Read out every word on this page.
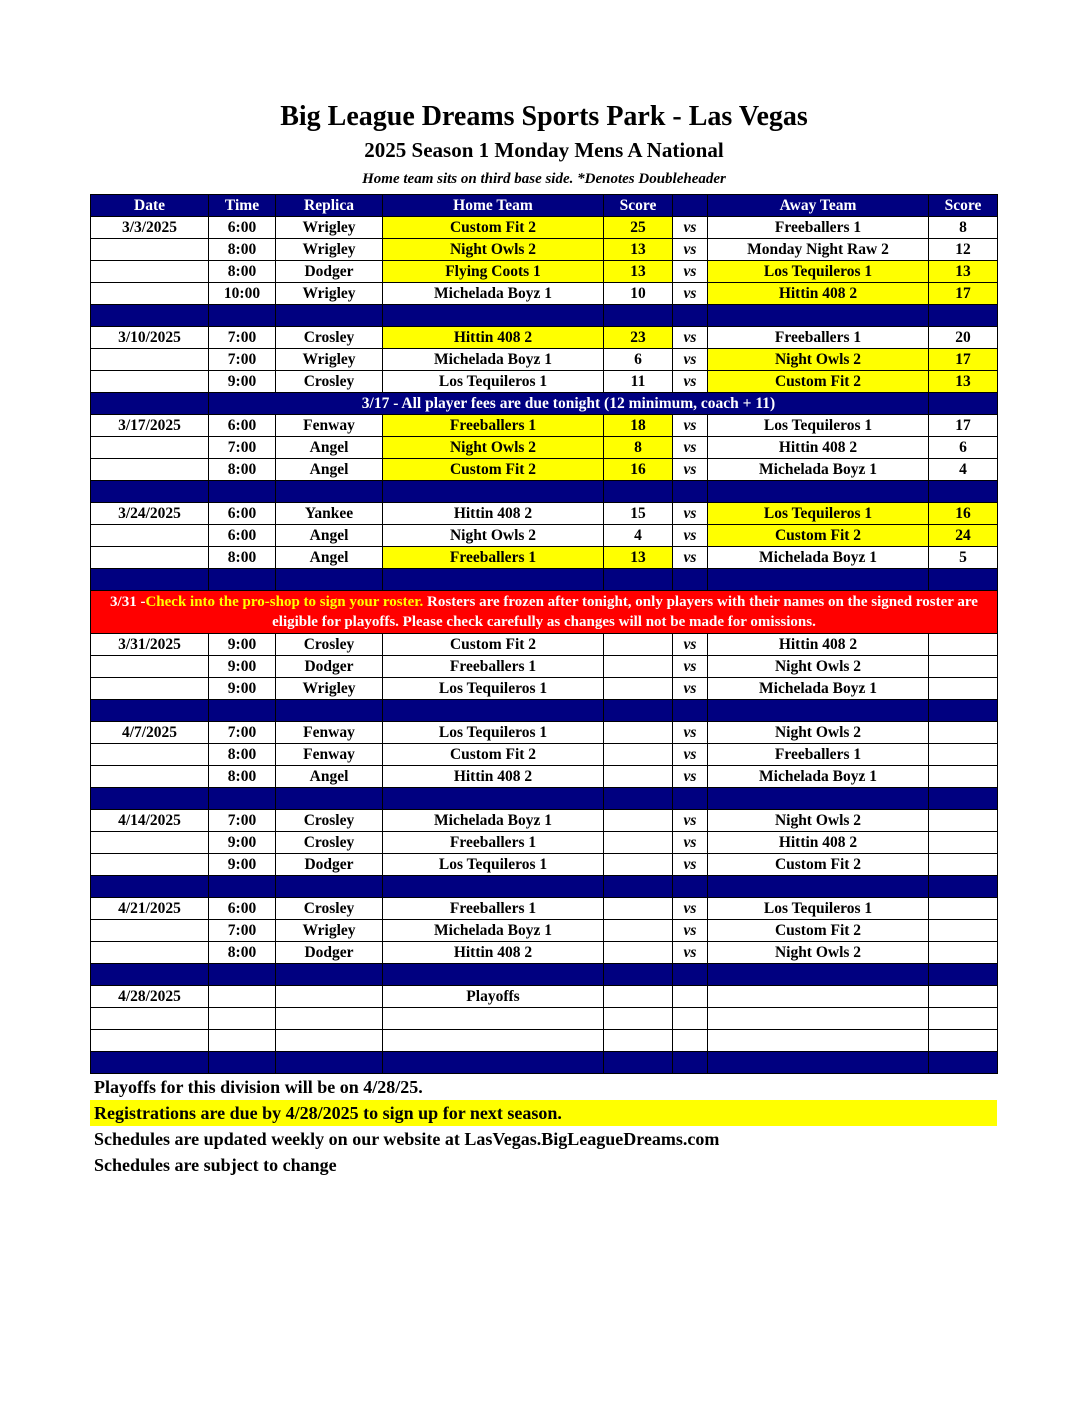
Big League Dreams Sports Park - Las Vegas
2025 Season 1 Monday Mens A National
Home team sits on third base side. *Denotes Doubleheader
Date	Time	Replica	Home Team	Score		Away Team	Score
3/3/2025	6:00	Wrigley	Custom Fit 2	25	vs	Freeballers 1	8
	8:00	Wrigley	Night Owls 2	13	vs	Monday Night Raw 2	12
	8:00	Dodger	Flying Coots 1	13	vs	Los Tequileros 1	13
	10:00	Wrigley	Michelada Boyz 1	10	vs	Hittin 408 2	17

3/10/2025	7:00	Crosley	Hittin 408 2	23	vs	Freeballers 1	20
	7:00	Wrigley	Michelada Boyz 1	6	vs	Night Owls 2	17
	9:00	Crosley	Los Tequileros 1	11	vs	Custom Fit 2	13
	3/17 - All player fees are due tonight (12 minimum, coach + 11)						
3/17/2025	6:00	Fenway	Freeballers 1	18	vs	Los Tequileros 1	17
	7:00	Angel	Night Owls 2	8	vs	Hittin 408 2	6
	8:00	Angel	Custom Fit 2	16	vs	Michelada Boyz 1	4

3/24/2025	6:00	Yankee	Hittin 408 2	15	vs	Los Tequileros 1	16
	6:00	Angel	Night Owls 2	4	vs	Custom Fit 2	24
	8:00	Angel	Freeballers 1	13	vs	Michelada Boyz 1	5

3/31 -Check into the pro-shop to sign your roster. Rosters are frozen after tonight, only players with their names on the signed roster are eligible for playoffs. Please check carefully as changes will not be made for omissions.							
3/31/2025	9:00	Crosley	Custom Fit 2		vs	Hittin 408 2	
	9:00	Dodger	Freeballers 1		vs	Night Owls 2	
	9:00	Wrigley	Los Tequileros 1		vs	Michelada Boyz 1	

4/7/2025	7:00	Fenway	Los Tequileros 1		vs	Night Owls 2	
	8:00	Fenway	Custom Fit 2		vs	Freeballers 1	
	8:00	Angel	Hittin 408 2		vs	Michelada Boyz 1	

4/14/2025	7:00	Crosley	Michelada Boyz 1		vs	Night Owls 2	
	9:00	Crosley	Freeballers 1		vs	Hittin 408 2	
	9:00	Dodger	Los Tequileros 1		vs	Custom Fit 2	

4/21/2025	6:00	Crosley	Freeballers 1		vs	Los Tequileros 1	
	7:00	Wrigley	Michelada Boyz 1		vs	Custom Fit 2	
	8:00	Dodger	Hittin 408 2		vs	Night Owls 2	

4/28/2025			Playoffs				

Playoffs for this division will be on 4/28/25.
Registrations are due by 4/28/2025 to sign up for next season.
Schedules are updated weekly on our website at LasVegas.BigLeagueDreams.com
Schedules are subject to change
